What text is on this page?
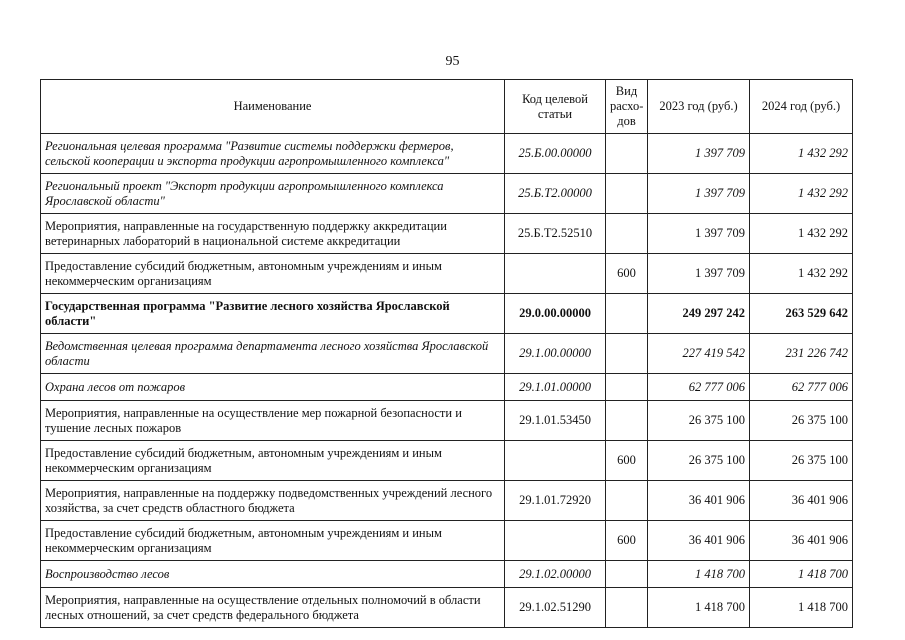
95
Наименование	Код целевой статьи	Вид расхо-дов	2023 год (руб.)	2024 год (руб.)
Региональная целевая программа "Развитие системы поддержки фермеров, сельской кооперации и экспорта продукции агропромышленного комплекса"	25.Б.00.00000		1 397 709	1 432 292
Региональный проект "Экспорт продукции агропромышленного комплекса Ярославской области"	25.Б.Т2.00000		1 397 709	1 432 292
Мероприятия, направленные на государственную поддержку аккредитации ветеринарных лабораторий в национальной системе аккредитации	25.Б.Т2.52510		1 397 709	1 432 292
Предоставление субсидий бюджетным, автономным учреждениям и иным некоммерческим организациям		600	1 397 709	1 432 292
Государственная программа "Развитие лесного хозяйства Ярославской области"	29.0.00.00000		249 297 242	263 529 642
Ведомственная целевая программа департамента лесного хозяйства Ярославской области	29.1.00.00000		227 419 542	231 226 742
Охрана лесов от пожаров	29.1.01.00000		62 777 006	62 777 006
Мероприятия, направленные на осуществление мер пожарной безопасности и тушение лесных пожаров	29.1.01.53450		26 375 100	26 375 100
Предоставление субсидий бюджетным, автономным учреждениям и иным некоммерческим организациям		600	26 375 100	26 375 100
Мероприятия, направленные на поддержку подведомственных учреждений лесного хозяйства, за счет средств областного бюджета	29.1.01.72920		36 401 906	36 401 906
Предоставление субсидий бюджетным, автономным учреждениям и иным некоммерческим организациям		600	36 401 906	36 401 906
Воспроизводство лесов	29.1.02.00000		1 418 700	1 418 700
Мероприятия, направленные на осуществление отдельных полномочий в области лесных отношений, за счет средств федерального бюджета	29.1.02.51290		1 418 700	1 418 700
